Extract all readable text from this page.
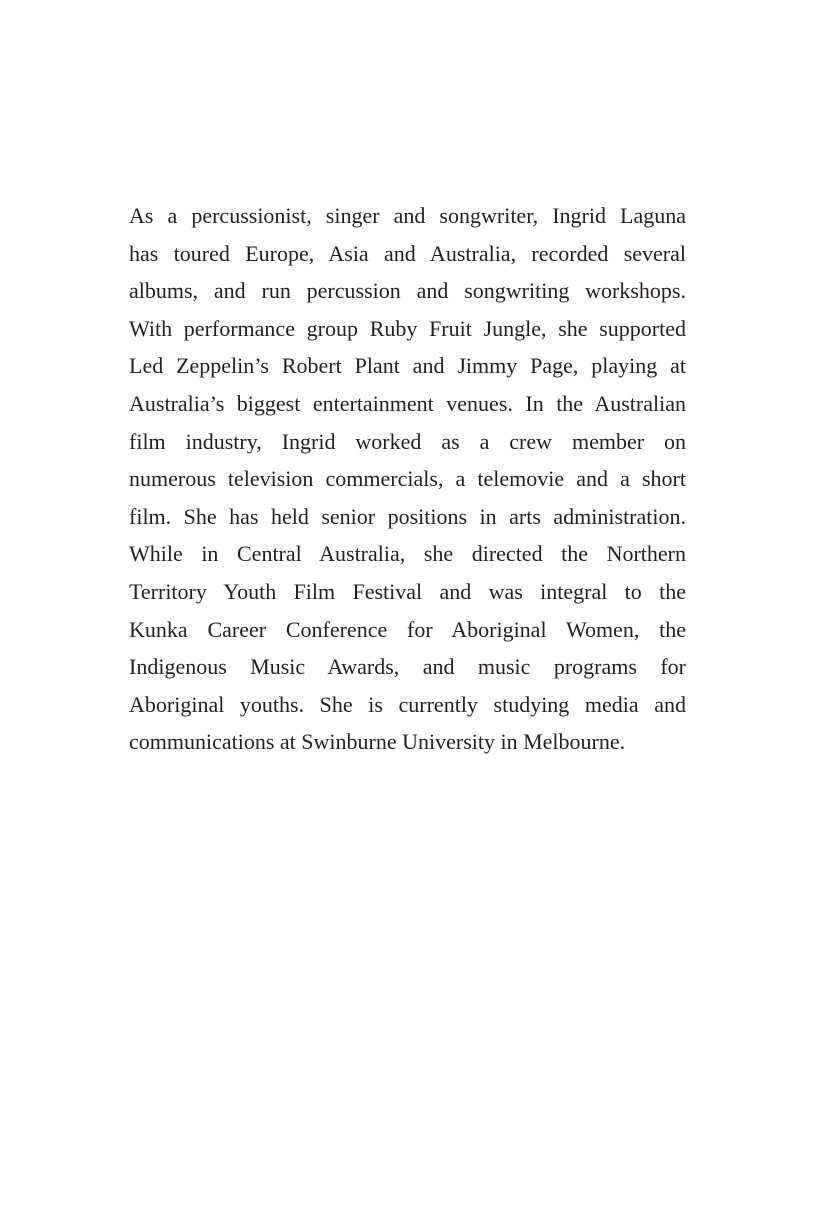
As a percussionist, singer and songwriter, Ingrid Laguna
has toured Europe, Asia and Australia, recorded several
albums, and run percussion and songwriting workshops.
With performance group Ruby Fruit Jungle, she supported
Led Zeppelin’s Robert Plant and Jimmy Page, playing at
Australia’s biggest entertainment venues. In the Australian
film industry, Ingrid worked as a crew member on
numerous television commercials, a telemovie and a short
film. She has held senior positions in arts administration.
While in Central Australia, she directed the Northern
Territory Youth Film Festival and was integral to the
Kunka Career Conference for Aboriginal Women, the
Indigenous Music Awards, and music programs for
Aboriginal youths. She is currently studying media and
communications at Swinburne University in Melbourne.
